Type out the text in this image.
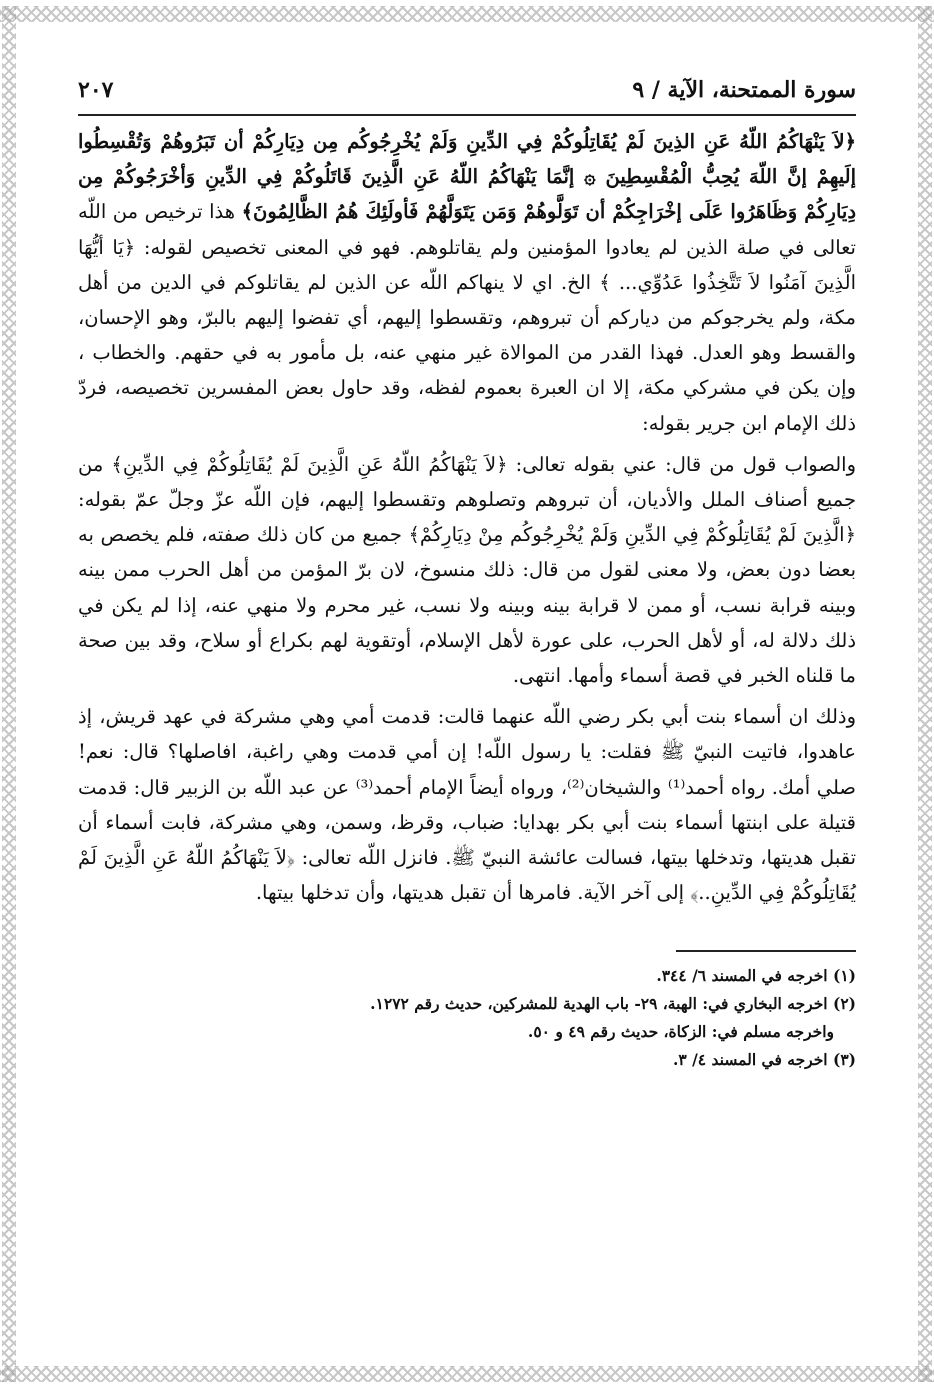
سورة الممتحنة، الآية / ٩
٢٠٧

﴿لاَ يَنْهَاكُمُ اللّهُ عَنِ الذِينَ لَمْ يُقَاتِلُوكُمْ فِي الدِّينِ وَلَمْ يُخْرِجُوكُم مِن دِيَارِكُمْ أن تَبَرُوهُمْ وَتُقْسِطُوا إلَيهِمْ إنَّ اللّهَ يُحِبُّ الْمُقْسِطِينَ ۞ إنَّمَا يَنْهَاكُمُ اللّهُ عَنِ الَّذِينَ قَاتَلُوكُمْ فِي الدِّينِ وَأخْرَجُوكُمْ مِن دِيَارِكُمْ وَظَاهَرُوا عَلَى إخْرَاجِكُمْ أن تَوَلَّوهُمْ وَمَن يَتَوَلَّهُمْ فَأولَئِكَ هُمُ الظَّالِمُونَ﴾ هذا ترخيص من اللّه تعالى في صلة الذين لم يعادوا المؤمنين ولم يقاتلوهم. فهو في المعنى تخصيص لقوله: ﴿يَا أيُّهَا الَّذِينَ آمَنُوا لاَ تَتَّخِذُوا عَدُوِّي... ﴾ الخ. اي لا ينهاكم اللّه عن الذين لم يقاتلوكم في الدين من أهل مكة، ولم يخرجوكم من دياركم أن تبروهم، وتقسطوا إليهم، أي تفضوا إليهم بالبرّ، وهو الإحسان، والقسط وهو العدل. فهذا القدر من الموالاة غير منهي عنه، بل مأمور به في حقهم. والخطاب ، وإن يكن في مشركي مكة، إلا ان العبرة بعموم لفظه، وقد حاول بعض المفسرين تخصيصه، فردّ ذلك الإمام ابن جرير بقوله:

والصواب قول من قال: عني بقوله تعالى: ﴿لاَ يَنْهَاكُمُ اللّهُ عَنِ الَّذِينَ لَمْ يُقَاتِلُوكُمْ فِي الدِّينِ﴾ من جميع أصناف الملل والأديان، أن تبروهم وتصلوهم وتقسطوا إليهم، فإن اللّه عزّ وجلّ عمّ بقوله: ﴿الَّذِينَ لَمْ يُقَاتِلُوكُمْ فِي الدِّينِ وَلَمْ يُخْرِجُوكُم مِنْ دِيَارِكُمْ﴾ جميع من كان ذلك صفته، فلم يخصص به بعضا دون بعض، ولا معنى لقول من قال: ذلك منسوخ، لان برّ المؤمن من أهل الحرب ممن بينه وبينه قرابة نسب، أو ممن لا قرابة بينه وبينه ولا نسب، غير محرم ولا منهي عنه، إذا لم يكن في ذلك دلالة له، أو لأهل الحرب، على عورة لأهل الإسلام، أوتقوية لهم بكراع أو سلاح، وقد بين صحة ما قلناه الخبر في قصة أسماء وأمها. انتهى.

وذلك ان أسماء بنت أبي بكر رضي اللّه عنهما قالت: قدمت أمي وهي مشركة في عهد قريش، إذ عاهدوا، فاتيت النبيّ ﷺ فقلت: يا رسول اللّه! إن أمي قدمت وهي راغبة، افاصلها؟ قال: نعم! صلي أمك. رواه أحمد⁽¹⁾ والشيخان⁽²⁾، ورواه أيضاً الإمام أحمد⁽³⁾ عن عبد اللّه بن الزبير قال: قدمت قتيلة على ابنتها أسماء بنت أبي بكر بهدايا: ضباب، وقرظ، وسمن، وهي مشركة، فابت أسماء أن تقبل هديتها، وتدخلها بيتها، فسالت عائشة النبيّ ﷺ. فانزل اللّه تعالى: ﴿لاَ يَنْهَاكُمُ اللّهُ عَنِ الَّذِينَ لَمْ يُقَاتِلُوكُمْ فِي الدِّينِ..﴾ إلى آخر الآية. فامرها أن تقبل هديتها، وأن تدخلها بيتها.

(١) اخرجه في المسند ٦/ ٣٤٤.

(٢) اخرجه البخاري في: الهبة، ٢٩- باب الهدية للمشركين، حديث رقم ١٢٧٢.

واخرجه مسلم في: الزكاة، حديث رقم ٤٩ و ٥٠.

(٣) اخرجه في المسند ٤/ ٣.
